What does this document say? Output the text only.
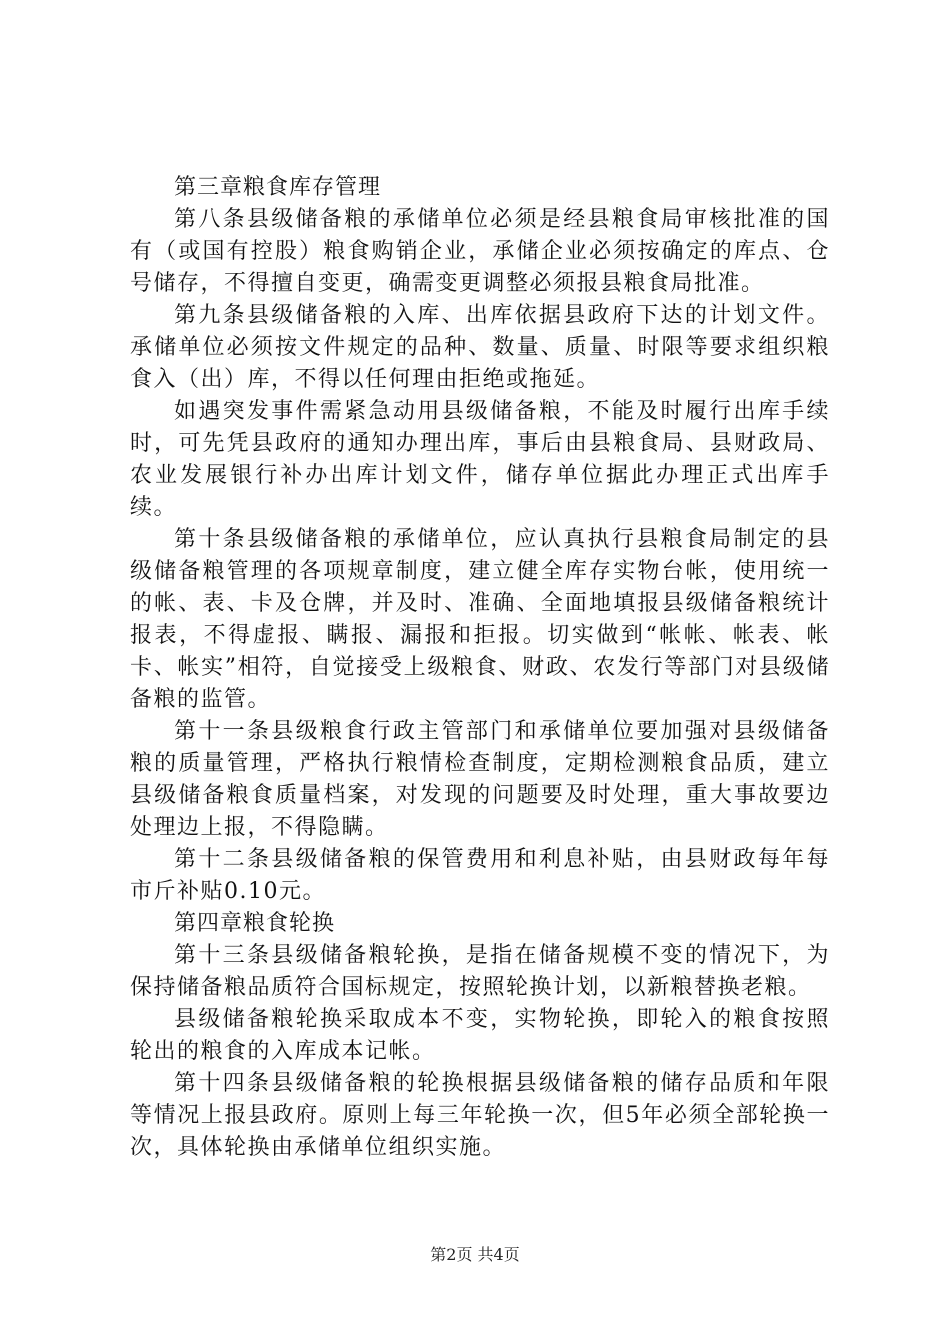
第三章粮食库存管理

第八条县级储备粮的承储单位必须是经县粮食局审核批准的国有（或国有控股）粮食购销企业，承储企业必须按确定的库点、仓号储存，不得擅自变更，确需变更调整必须报县粮食局批准。

第九条县级储备粮的入库、出库依据县政府下达的计划文件。承储单位必须按文件规定的品种、数量、质量、时限等要求组织粮食入（出）库，不得以任何理由拒绝或拖延。

如遇突发事件需紧急动用县级储备粮，不能及时履行出库手续时，可先凭县政府的通知办理出库，事后由县粮食局、县财政局、农业发展银行补办出库计划文件，储存单位据此办理正式出库手续。

第十条县级储备粮的承储单位，应认真执行县粮食局制定的县级储备粮管理的各项规章制度，建立健全库存实物台帐，使用统一的帐、表、卡及仓牌，并及时、准确、全面地填报县级储备粮统计报表，不得虚报、瞒报、漏报和拒报。切实做到“帐帐、帐表、帐卡、帐实”相符，自觉接受上级粮食、财政、农发行等部门对县级储备粮的监管。

第十一条县级粮食行政主管部门和承储单位要加强对县级储备粮的质量管理，严格执行粮情检查制度，定期检测粮食品质，建立县级储备粮食质量档案，对发现的问题要及时处理，重大事故要边处理边上报，不得隐瞒。

第十二条县级储备粮的保管费用和利息补贴，由县财政每年每市斤补贴0.10元。

第四章粮食轮换

第十三条县级储备粮轮换，是指在储备规模不变的情况下，为保持储备粮品质符合国标规定，按照轮换计划，以新粮替换老粮。

县级储备粮轮换采取成本不变，实物轮换，即轮入的粮食按照轮出的粮食的入库成本记帐。

第十四条县级储备粮的轮换根据县级储备粮的储存品质和年限等情况上报县政府。原则上每三年轮换一次，但5年必须全部轮换一次，具体轮换由承储单位组织实施。

第2页 共4页
